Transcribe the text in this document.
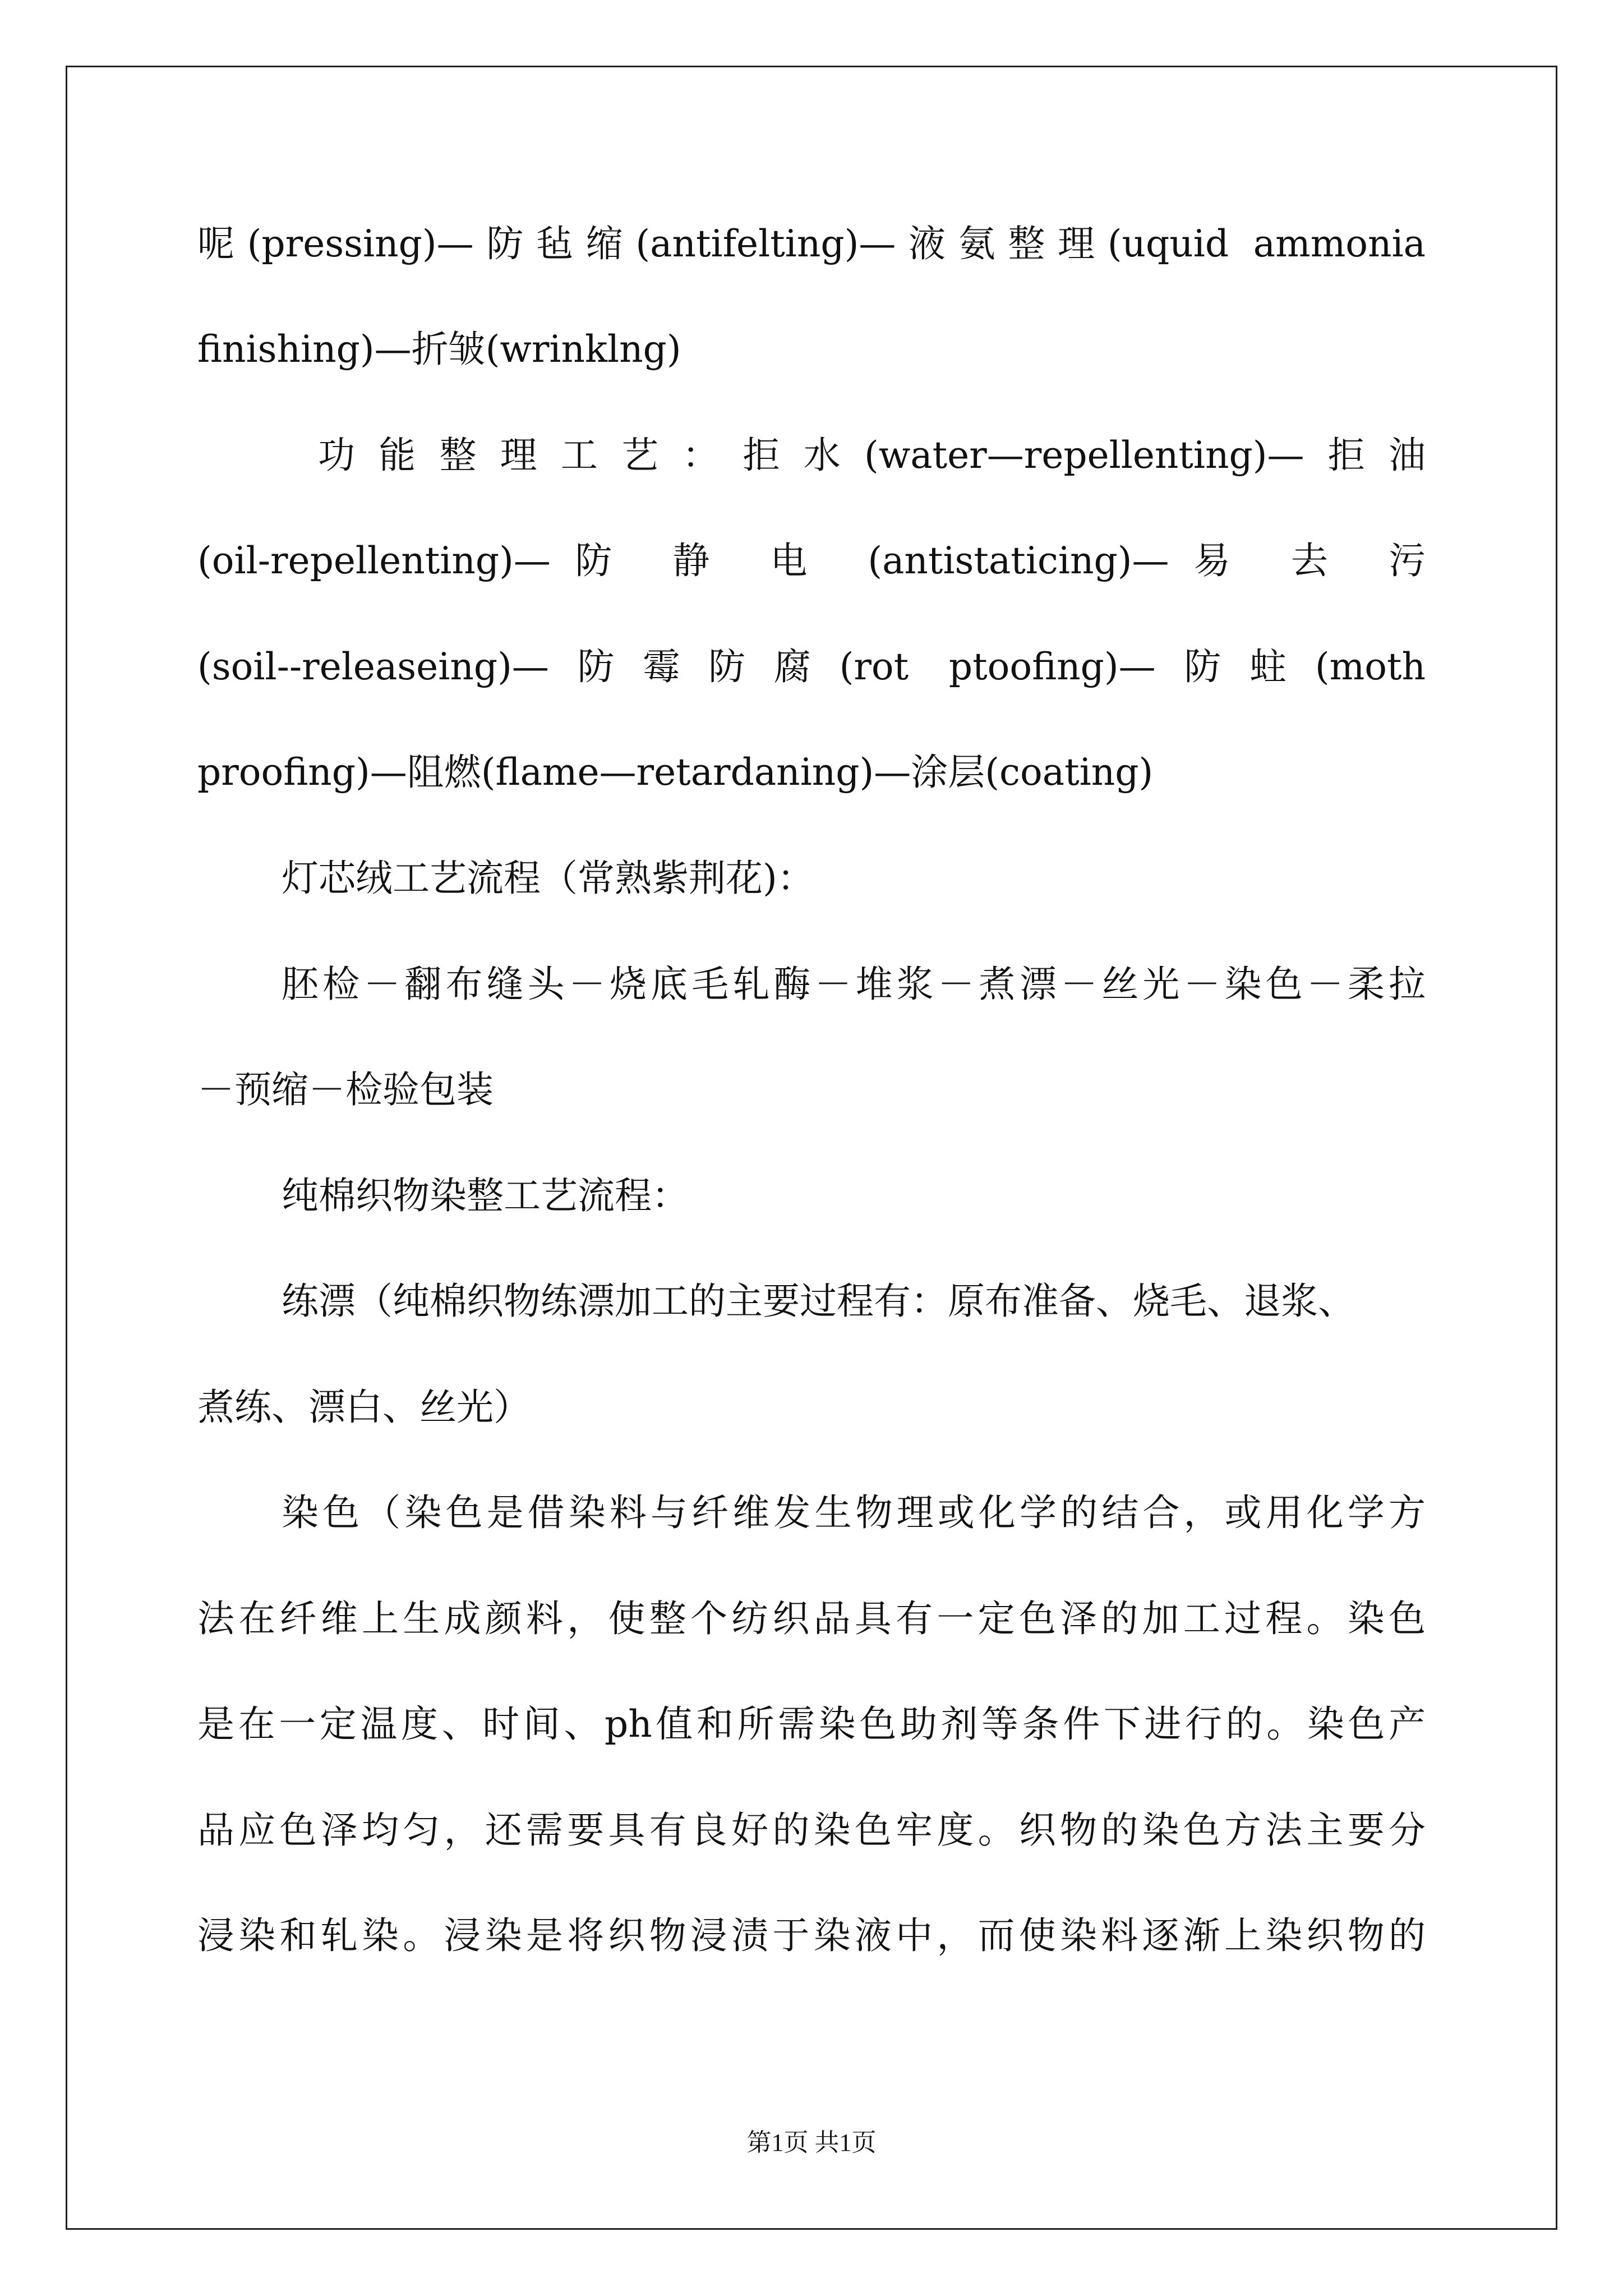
呢(pressing)—防毡缩(antifelting)—液氨整理(uquid ammonia
finishing)—折皱(wrinklng)
功能整理工艺：拒水(water—repellenting)—拒油
(oil-repellenting)—防 静 电 (antistaticing)—易 去 污
(soil--releaseing)—防霉防腐(rot ptoofing)—防蛀(moth
proofing)—阻燃(flame—retardaning)—涂层(coating)
灯芯绒工艺流程（常熟紫荆花)：
胚检－翻布缝头－烧底毛轧酶－堆浆－煮漂－丝光－染色－柔拉
－预缩－检验包装
纯棉织物染整工艺流程：
练漂（纯棉织物练漂加工的主要过程有：原布准备、烧毛、退浆、
煮练、漂白、丝光）
染色（染色是借染料与纤维发生物理或化学的结合，或用化学方
法在纤维上生成颜料，使整个纺织品具有一定色泽的加工过程。染色
是在一定温度、时间、ph值和所需染色助剂等条件下进行的。染色产
品应色泽均匀，还需要具有良好的染色牢度。织物的染色方法主要分
浸染和轧染。浸染是将织物浸渍于染液中，而使染料逐渐上染织物的
第1页 共1页
